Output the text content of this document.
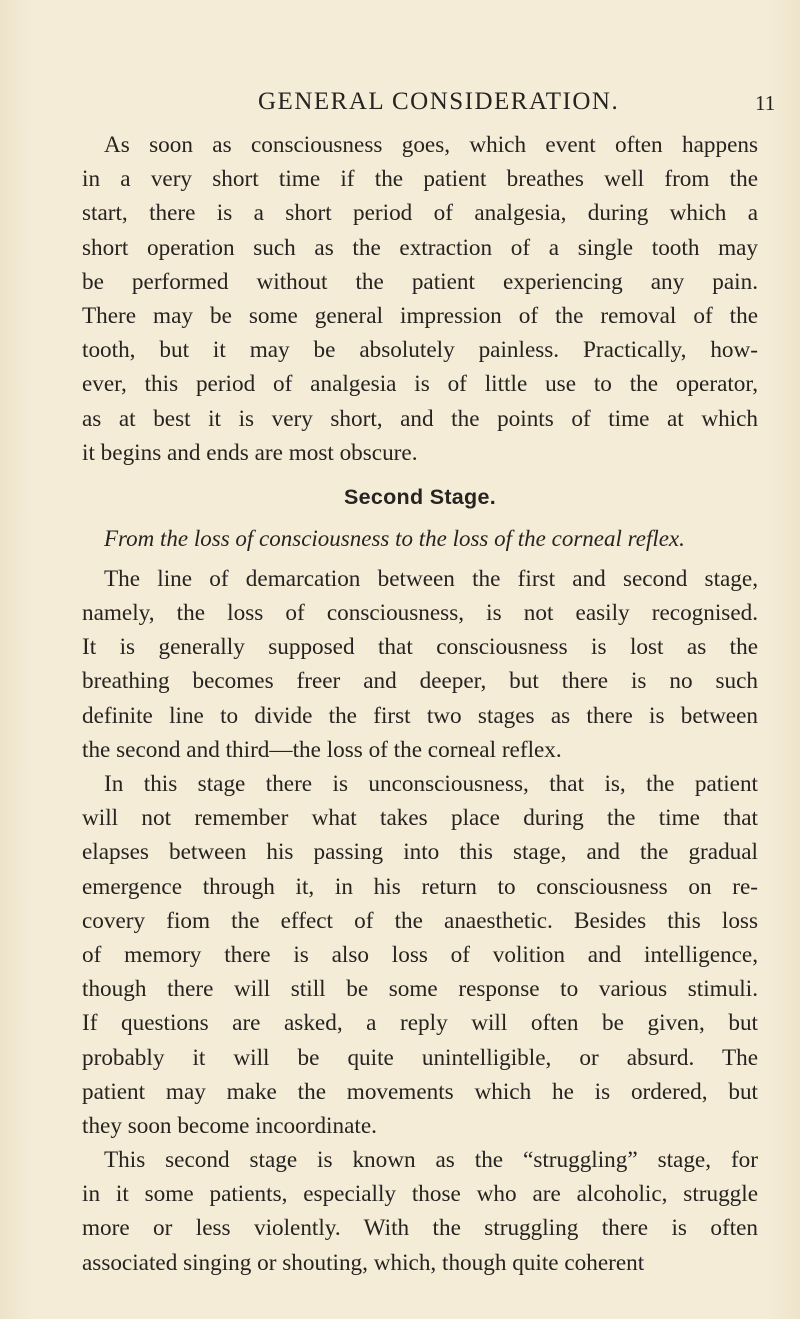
GENERAL CONSIDERATION.	11
As soon as consciousness goes, which event often happens
in a very short time if the patient breathes well from the
start, there is a short period of analgesia, during which a
short operation such as the extraction of a single tooth may
be performed without the patient experiencing any pain.
There may be some general impression of the removal of the
tooth, but it may be absolutely painless. Practically, how-
ever, this period of analgesia is of little use to the operator,
as at best it is very short, and the points of time at which
it begins and ends are most obscure.
Second Stage.
From the loss of consciousness to the loss of the corneal reflex.
The line of demarcation between the first and second stage,
namely, the loss of consciousness, is not easily recognised.
It is generally supposed that consciousness is lost as the
breathing becomes freer and deeper, but there is no such
definite line to divide the first two stages as there is between
the second and third—the loss of the corneal reflex.
In this stage there is unconsciousness, that is, the patient
will not remember what takes place during the time that
elapses between his passing into this stage, and the gradual
emergence through it, in his return to consciousness on re-
covery fiom the effect of the anaesthetic. Besides this loss
of memory there is also loss of volition and intelligence,
though there will still be some response to various stimuli.
If questions are asked, a reply will often be given, but
probably it will be quite unintelligible, or absurd. The
patient may make the movements which he is ordered, but
they soon become incoordinate.
This second stage is known as the “struggling” stage, for
in it some patients, especially those who are alcoholic, struggle
more or less violently. With the struggling there is often
associated singing or shouting, which, though quite coherent
